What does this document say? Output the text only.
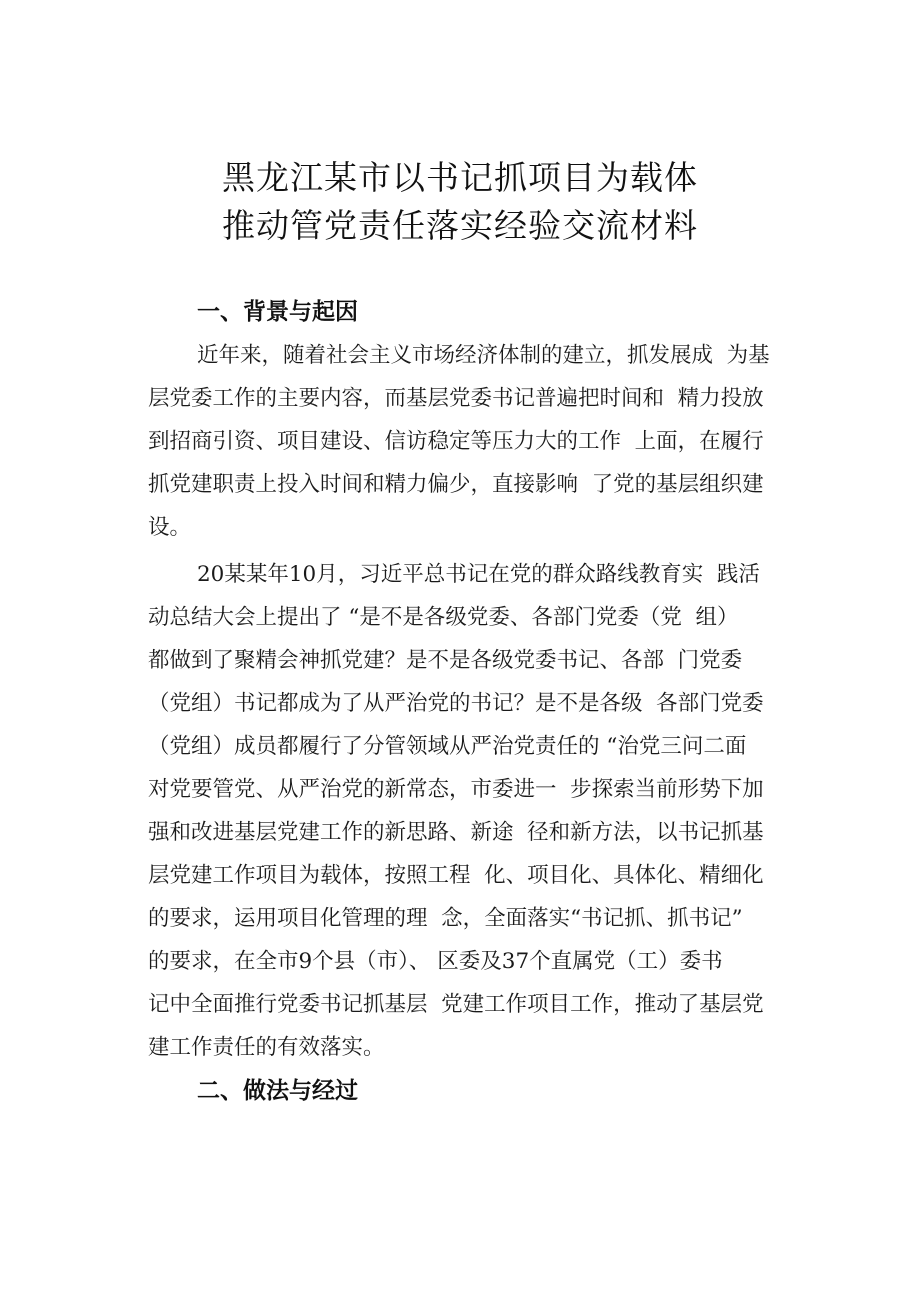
黑龙江某市以书记抓项目为载体
推动管党责任落实经验交流材料
一、背景与起因
近年来，随着社会主义市场经济体制的建立，抓发展成  为基
层党委工作的主要内容，而基层党委书记普遍把时间和  精力投放
到招商引资、项目建设、信访稳定等压力大的工作  上面，在履行
抓党建职责上投入时间和精力偏少，直接影响  了党的基层组织建
设。
20某某年10月，习近平总书记在党的群众路线教育实  践活
动总结大会上提出了 “是不是各级党委、各部门党委（党  组）
都做到了聚精会神抓党建？是不是各级党委书记、各部  门党委
（党组）书记都成为了从严治党的书记？是不是各级  各部门党委
（党组）成员都履行了分管领域从严治党责任的 “治党三问二面
对党要管党、从严治党的新常态，市委进一  步探索当前形势下加
强和改进基层党建工作的新思路、新途  径和新方法，以书记抓基
层党建工作项目为载体，按照工程  化、项目化、具体化、精细化
的要求，运用项目化管理的理  念，全面落实“书记抓、抓书记”
的要求，在全市9个县（市）、 区委及37个直属党（工）委书
记中全面推行党委书记抓基层  党建工作项目工作，推动了基层党
建工作责任的有效落实。
二、做法与经过
